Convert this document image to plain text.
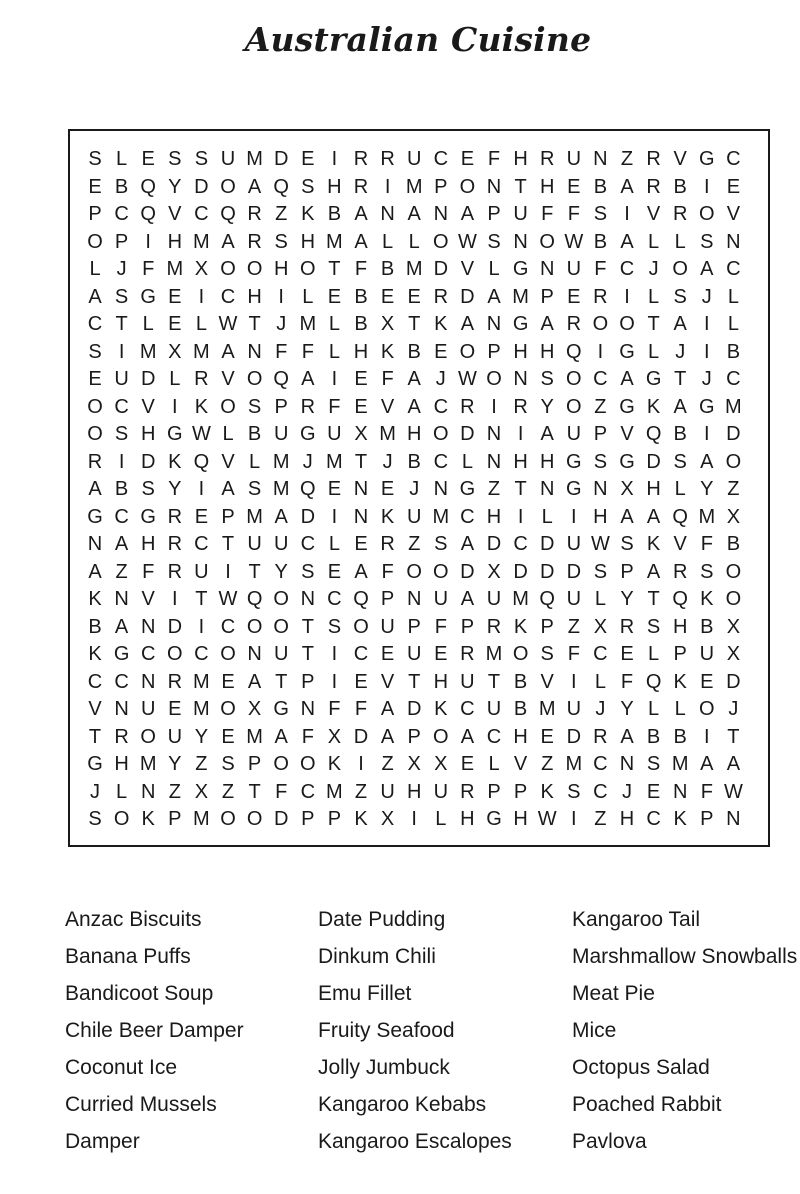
Australian Cuisine
S L E S S U M D E I R R U C E F H R U N Z R V G C
E B Q Y D O A Q S H R I M P O N T H E B A R B I E
P C Q V C Q R Z K B A N A N A P U F F S I V R O V
O P I H M A R S H M A L L O W S N O W B A L L S N
L J F M X O O H O T F B M D V L G N U F C J O A C
A S G E I C H I L E B E E R D A M P E R I L S J L
C T L E L W T J M L B X T K A N G A R O O T A I L
S I M X M A N F F L H K B E O P H H Q I G L J I B
E U D L R V O Q A I E F A J W O N S O C A G T J C
O C V I K O S P R F E V A C R I R Y O Z G K A G M
O S H G W L B U G U X M H O D N I A U P V Q B I D
R I D K Q V L M J M T J B C L N H H G S G D S A O
A B S Y I A S M Q E N E J N G Z T N G N X H L Y Z
G C G R E P M A D I N K U M C H I L I H A A Q M X
N A H R C T U U C L E R Z S A D C D U W S K V F B
A Z F R U I T Y S E A F O O D X D D D S P A R S O
K N V I T W Q O N C Q P N U A U M Q U L Y T Q K O
B A N D I C O O T S O U P F P R K P Z X R S H B X
K G C O C O N U T I C E U E R M O S F C E L P U X
C C N R M E A T P I E V T H U T B V I L F Q K E D
V N U E M O X G N F F A D K C U B M U J Y L L O J
T R O U Y E M A F X D A P O A C H E D R A B B I T
G H M Y Z S P O O K I Z X X E L V Z M C N S M A A
J L N Z X Z T F C M Z U H U R P P K S C J E N F W
S O K P M O O D P P K X I L H G H W I Z H C K P N
Anzac Biscuits
Banana Puffs
Bandicoot Soup
Chile Beer Damper
Coconut Ice
Curried Mussels
Damper
Date Pudding
Dinkum Chili
Emu Fillet
Fruity Seafood
Jolly Jumbuck
Kangaroo Kebabs
Kangaroo Escalopes
Kangaroo Tail
Marshmallow Snowballs
Meat Pie
Mice
Octopus Salad
Poached Rabbit
Pavlova
